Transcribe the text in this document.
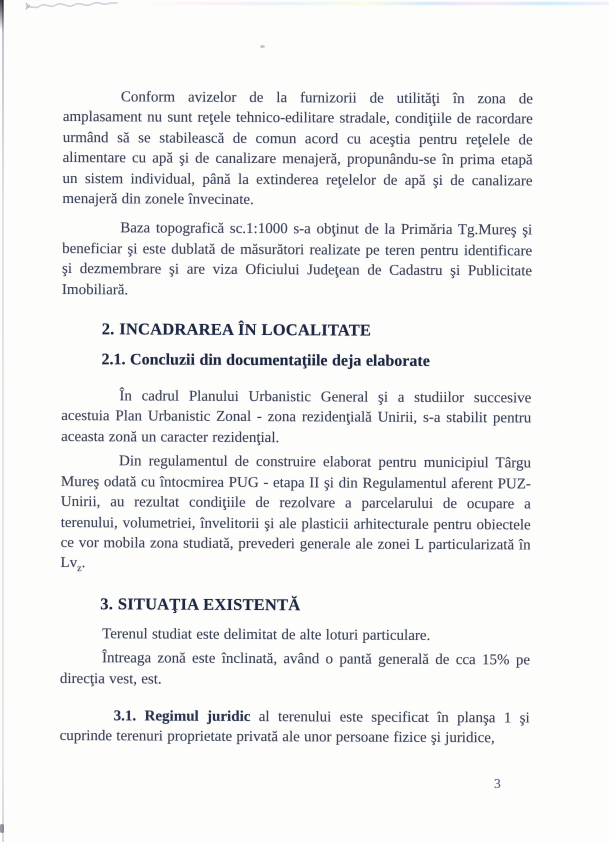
Conform avizelor de la furnizorii de utilităţi în zona de amplasament nu sunt reţele tehnico-edilitare stradale, condiţiile de racordare urmând să se stabilească de comun acord cu aceştia pentru reţelele de alimentare cu apă şi de canalizare menajeră, propunându-se în prima etapă un sistem individual, până la extinderea reţelelor de apă şi de canalizare menajeră din zonele învecinate.

Baza topografică sc.1:1000 s-a obţinut de la Primăria Tg.Mureş şi beneficiar şi este dublată de măsurători realizate pe teren pentru identificare şi dezmembrare şi are viza Oficiului Judeţean de Cadastru şi Publicitate Imobiliară.

2. INCADRAREA ÎN LOCALITATE
2.1. Concluzii din documentaţiile deja elaborate

În cadrul Planului Urbanistic General şi a studiilor succesive acestuia Plan Urbanistic Zonal - zona rezidenţială Unirii, s-a stabilit pentru aceasta zonă un caracter rezidenţial.

Din regulamentul de construire elaborat pentru municipiul Târgu Mureş odată cu întocmirea PUG - etapa II şi din Regulamentul aferent PUZ-Unirii, au rezultat condiţiile de rezolvare a parcelarului de ocupare a terenului, volumetriei, învelitorii şi ale plasticii arhitecturale pentru obiectele ce vor mobila zona studiată, prevederi generale ale zonei L particularizată în $Lv_z$.

3. SITUAŢIA EXISTENTĂ

Terenul studiat este delimitat de alte loturi particulare.

Întreaga zonă este înclinată, având o pantă generală de cca 15% pe direcţia vest, est.

3.1. Regimul juridic al terenului este specificat în planşa 1 şi cuprinde terenuri proprietate privată ale unor persoane fizice şi juridice,

3
